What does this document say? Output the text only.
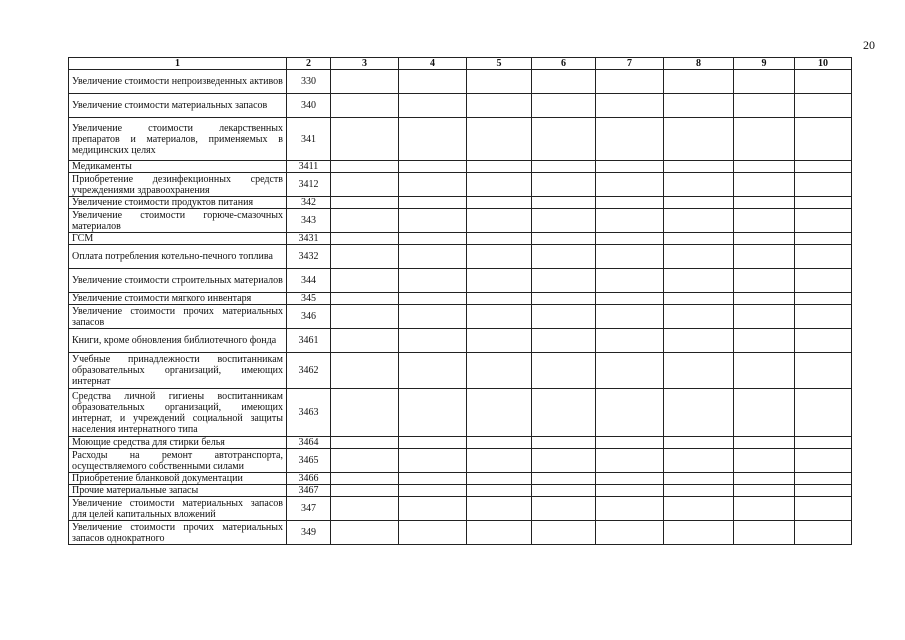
20
1	2	3	4	5	6	7	8	9	10
Увеличение стоимости непроизведенных активов	330								
Увеличение стоимости материальных запасов	340								
Увеличение стоимости лекарственных препаратов и материалов, применяемых в медицинских целях	341								
Медикаменты	3411								
Приобретение дезинфекционных средств учреждениями здравоохранения	3412								
Увеличение стоимости продуктов питания	342								
Увеличение стоимости горюче-смазочных материалов	343								
ГСМ	3431								
Оплата потребления котельно-печного топлива	3432								
Увеличение стоимости строительных материалов	344								
Увеличение стоимости мягкого инвентаря	345								
Увеличение стоимости прочих материальных запасов	346								
Книги, кроме обновления библиотечного фонда	3461								
Учебные принадлежности воспитанникам образовательных организаций, имеющих интернат	3462								
Средства личной гигиены воспитанникам образовательных организаций, имеющих интернат, и учреждений социальной защиты населения интернатного типа	3463								
Моющие средства для стирки белья	3464								
Расходы на ремонт автотранспорта, осуществляемого собственными силами	3465								
Приобретение бланковой документации	3466								
Прочие материальные запасы	3467								
Увеличение стоимости материальных запасов для целей капитальных вложений	347								
Увеличение стоимости прочих материальных запасов однократного	349								
